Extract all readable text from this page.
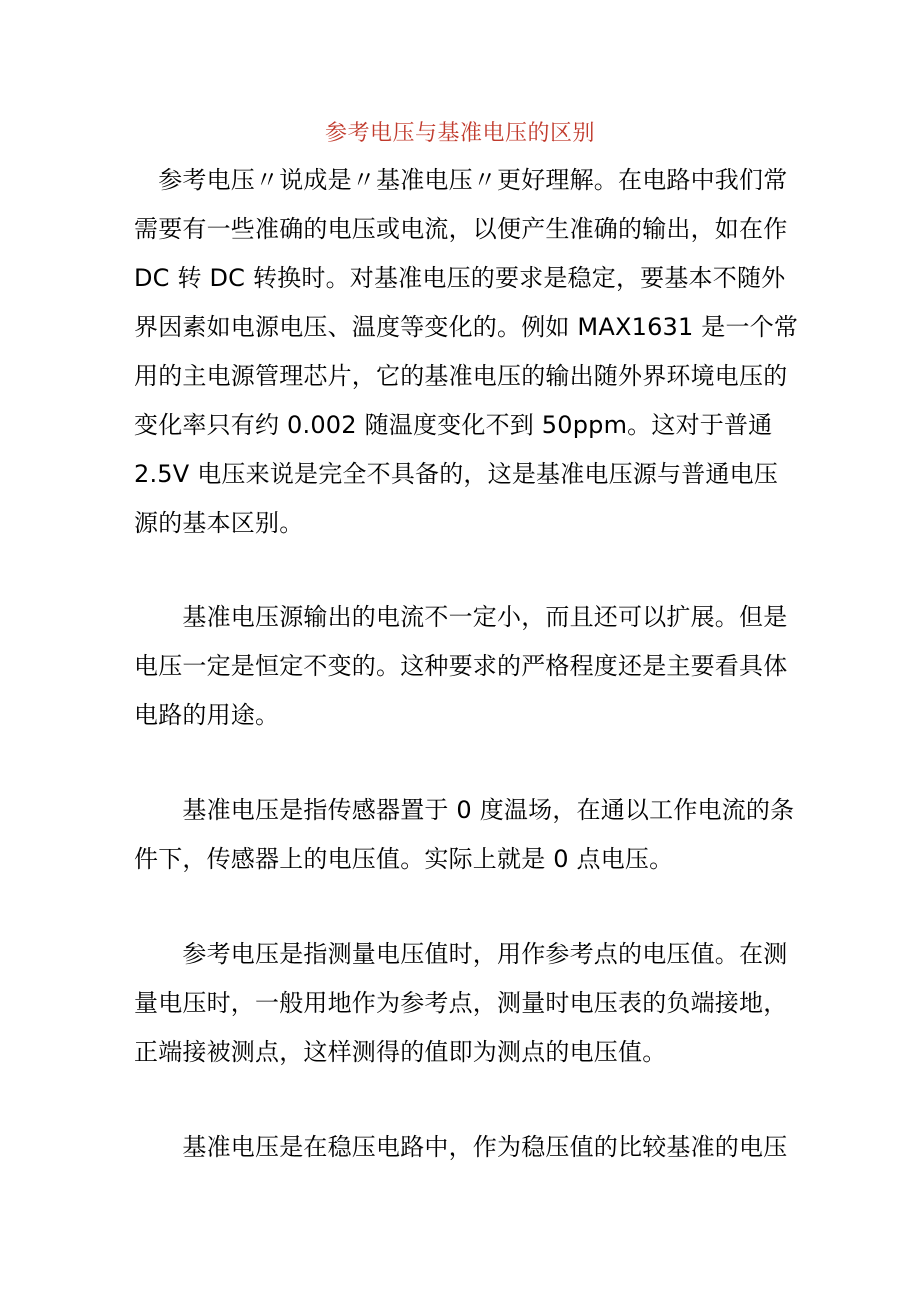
参考电压与基准电压的区别
　参考电压〃说成是〃基准电压〃更好理解。在电路中我们常
需要有一些准确的电压或电流，以便产生准确的输出，如在作
DC 转 DC 转换时。对基准电压的要求是稳定，要基本不随外
界因素如电源电压、温度等变化的。例如 MAX1631 是一个常
用的主电源管理芯片，它的基准电压的输出随外界环境电压的
变化率只有约 0.002 随温度变化不到 50ppm。这对于普通
2.5V 电压来说是完全不具备的，这是基准电压源与普通电压
源的基本区别。
　　基准电压源输出的电流不一定小，而且还可以扩展。但是
电压一定是恒定不变的。这种要求的严格程度还是主要看具体
电路的用途。
　　基准电压是指传感器置于 0 度温场，在通以工作电流的条
件下，传感器上的电压值。实际上就是 0 点电压。
　　参考电压是指测量电压值时，用作参考点的电压值。在测
量电压时，一般用地作为参考点，测量时电压表的负端接地，
正端接被测点，这样测得的值即为测点的电压值。
　　基准电压是在稳压电路中，作为稳压值的比较基准的电压
